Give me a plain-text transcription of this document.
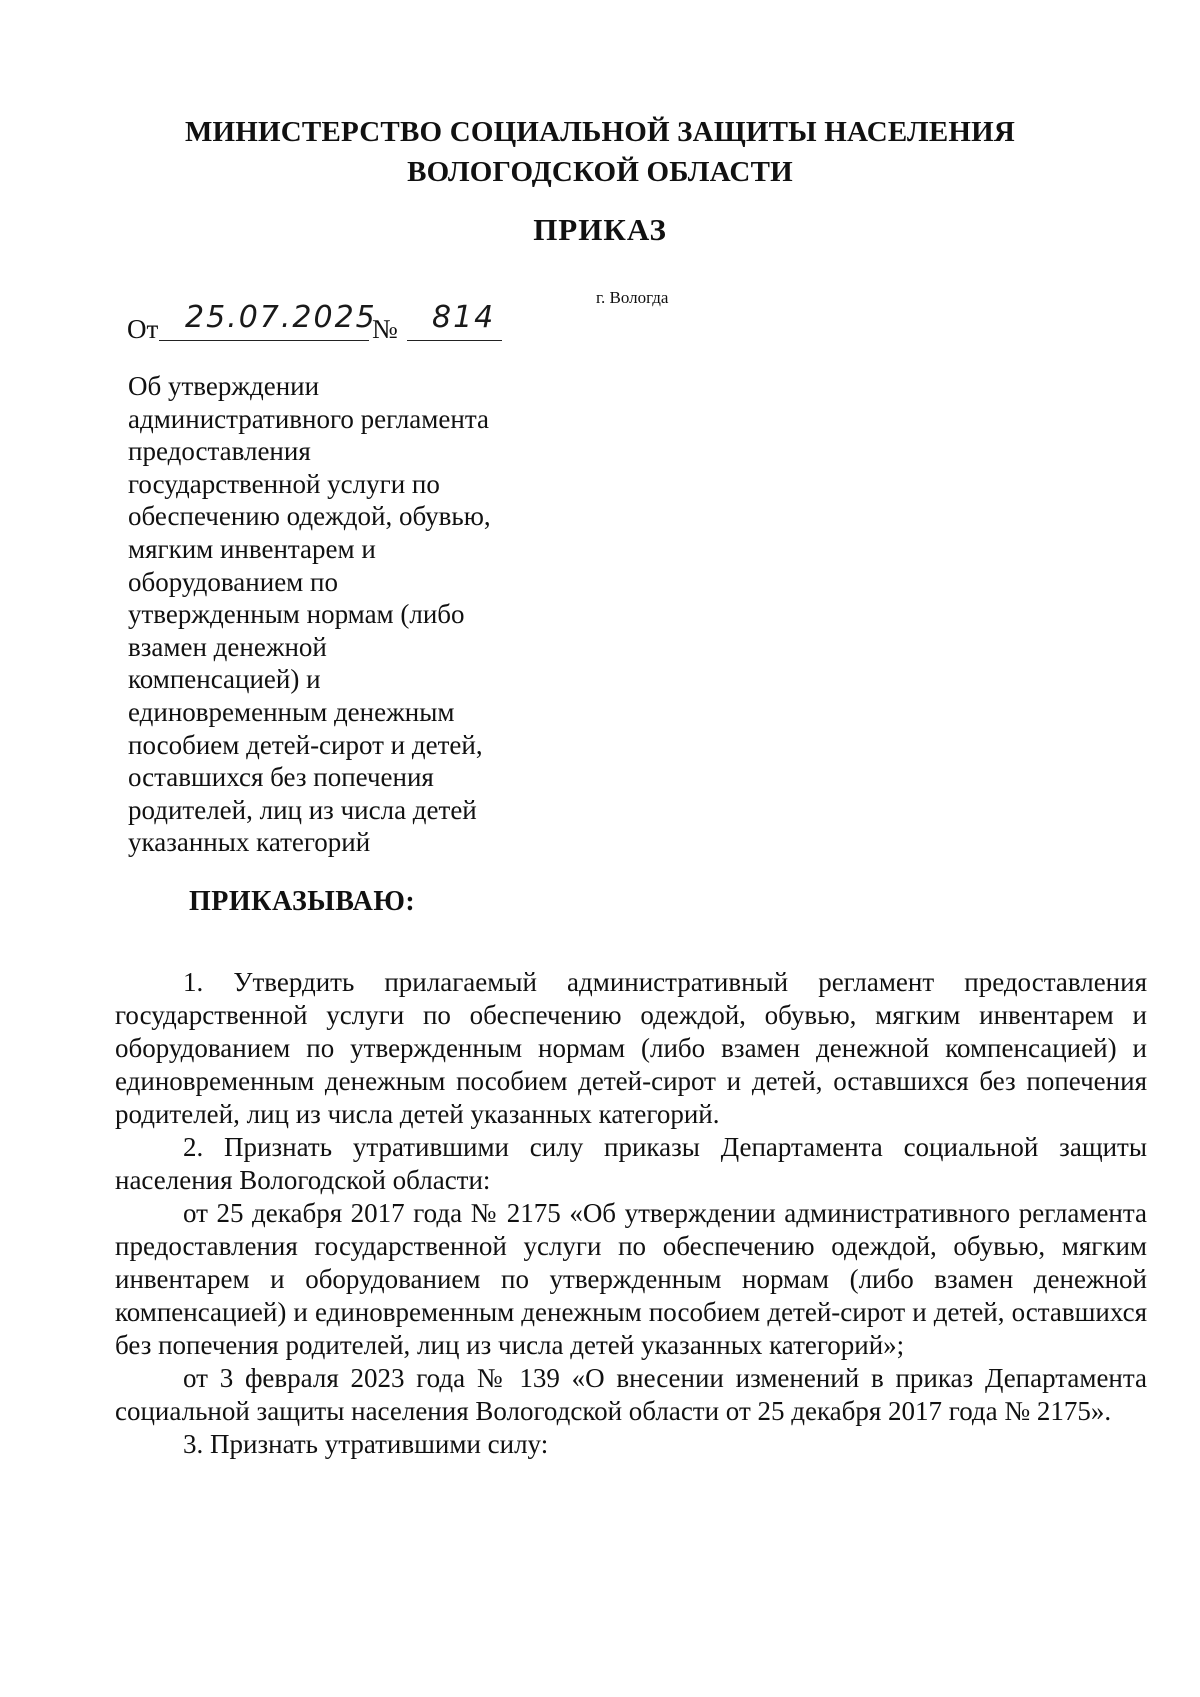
МИНИСТЕРСТВО СОЦИАЛЬНОЙ ЗАЩИТЫ НАСЕЛЕНИЯ
ВОЛОГОДСКОЙ ОБЛАСТИ
ПРИКАЗ
г. Вологда
От 25.07.2025
№ 814
Об утверждении
административного регламента
предоставления
государственной услуги по
обеспечению одеждой, обувью,
мягким инвентарем и
оборудованием по
утвержденным нормам (либо
взамен денежной
компенсацией) и
единовременным денежным
пособием детей-сирот и детей,
оставшихся без попечения
родителей, лиц из числа детей
указанных категорий
ПРИКАЗЫВАЮ:

1. Утвердить прилагаемый административный регламент предоставления государственной услуги по обеспечению одеждой, обувью, мягким инвентарем и оборудованием по утвержденным нормам (либо взамен денежной компенсацией) и единовременным денежным пособием детей-сирот и детей, оставшихся без попечения родителей, лиц из числа детей указанных категорий.

2. Признать утратившими силу приказы Департамента социальной защиты населения Вологодской области:

от 25 декабря 2017 года № 2175 «Об утверждении административного регламента предоставления государственной услуги по обеспечению одеждой, обувью, мягким инвентарем и оборудованием по утвержденным нормам (либо взамен денежной компенсацией) и единовременным денежным пособием детей-сирот и детей, оставшихся без попечения родителей, лиц из числа детей указанных категорий»;

от 3 февраля 2023 года № 139 «О внесении изменений в приказ Департамента социальной защиты населения Вологодской области от 25 декабря 2017 года № 2175».

3. Признать утратившими силу:
